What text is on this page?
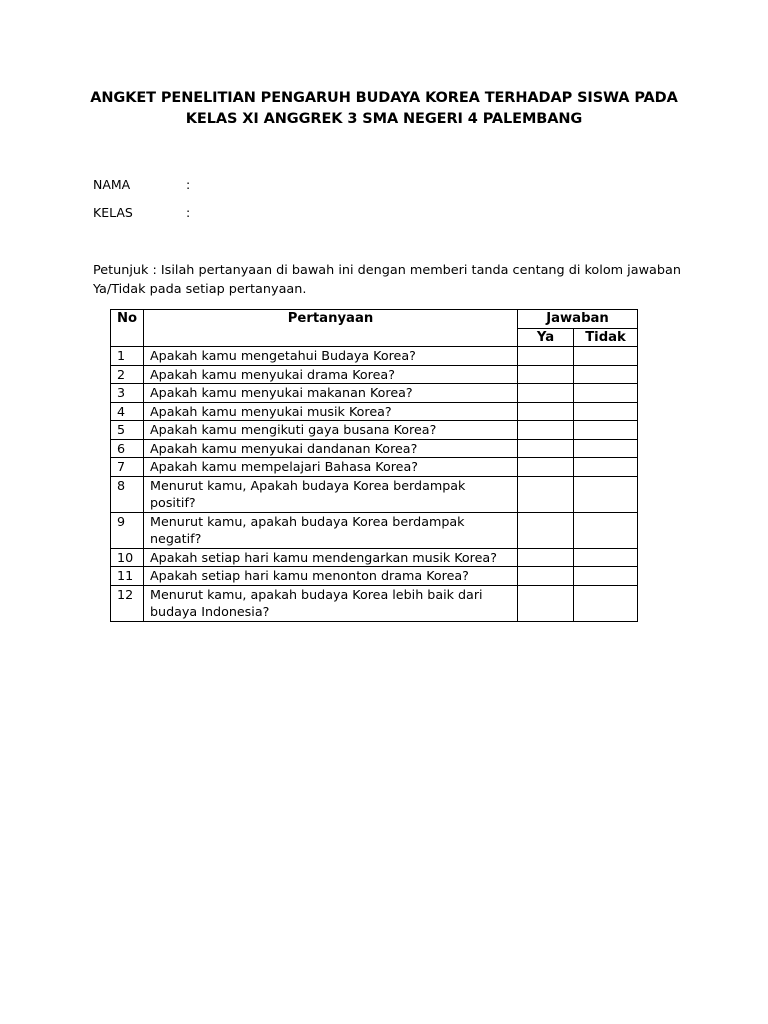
ANGKET PENELITIAN PENGARUH BUDAYA KOREA TERHADAP SISWA PADA
KELAS XI ANGGREK 3 SMA NEGERI 4 PALEMBANG
NAMA	:
KELAS	:
Petunjuk : Isilah pertanyaan di bawah ini dengan memberi tanda centang di kolom jawaban Ya/Tidak pada setiap pertanyaan.
No	Pertanyaan	Jawaban	
		Ya	Tidak
1	Apakah kamu mengetahui Budaya Korea?		
2	Apakah kamu menyukai drama Korea?		
3	Apakah kamu menyukai makanan Korea?		
4	Apakah kamu menyukai musik Korea?		
5	Apakah kamu mengikuti gaya busana Korea?		
6	Apakah kamu menyukai dandanan Korea?		
7	Apakah kamu mempelajari Bahasa Korea?		
8	Menurut kamu, Apakah budaya Korea berdampak positif?		
9	Menurut kamu, apakah budaya Korea berdampak negatif?		
10	Apakah setiap hari kamu mendengarkan musik Korea?		
11	Apakah setiap hari kamu menonton drama Korea?		
12	Menurut kamu, apakah budaya Korea lebih baik dari budaya Indonesia?		
